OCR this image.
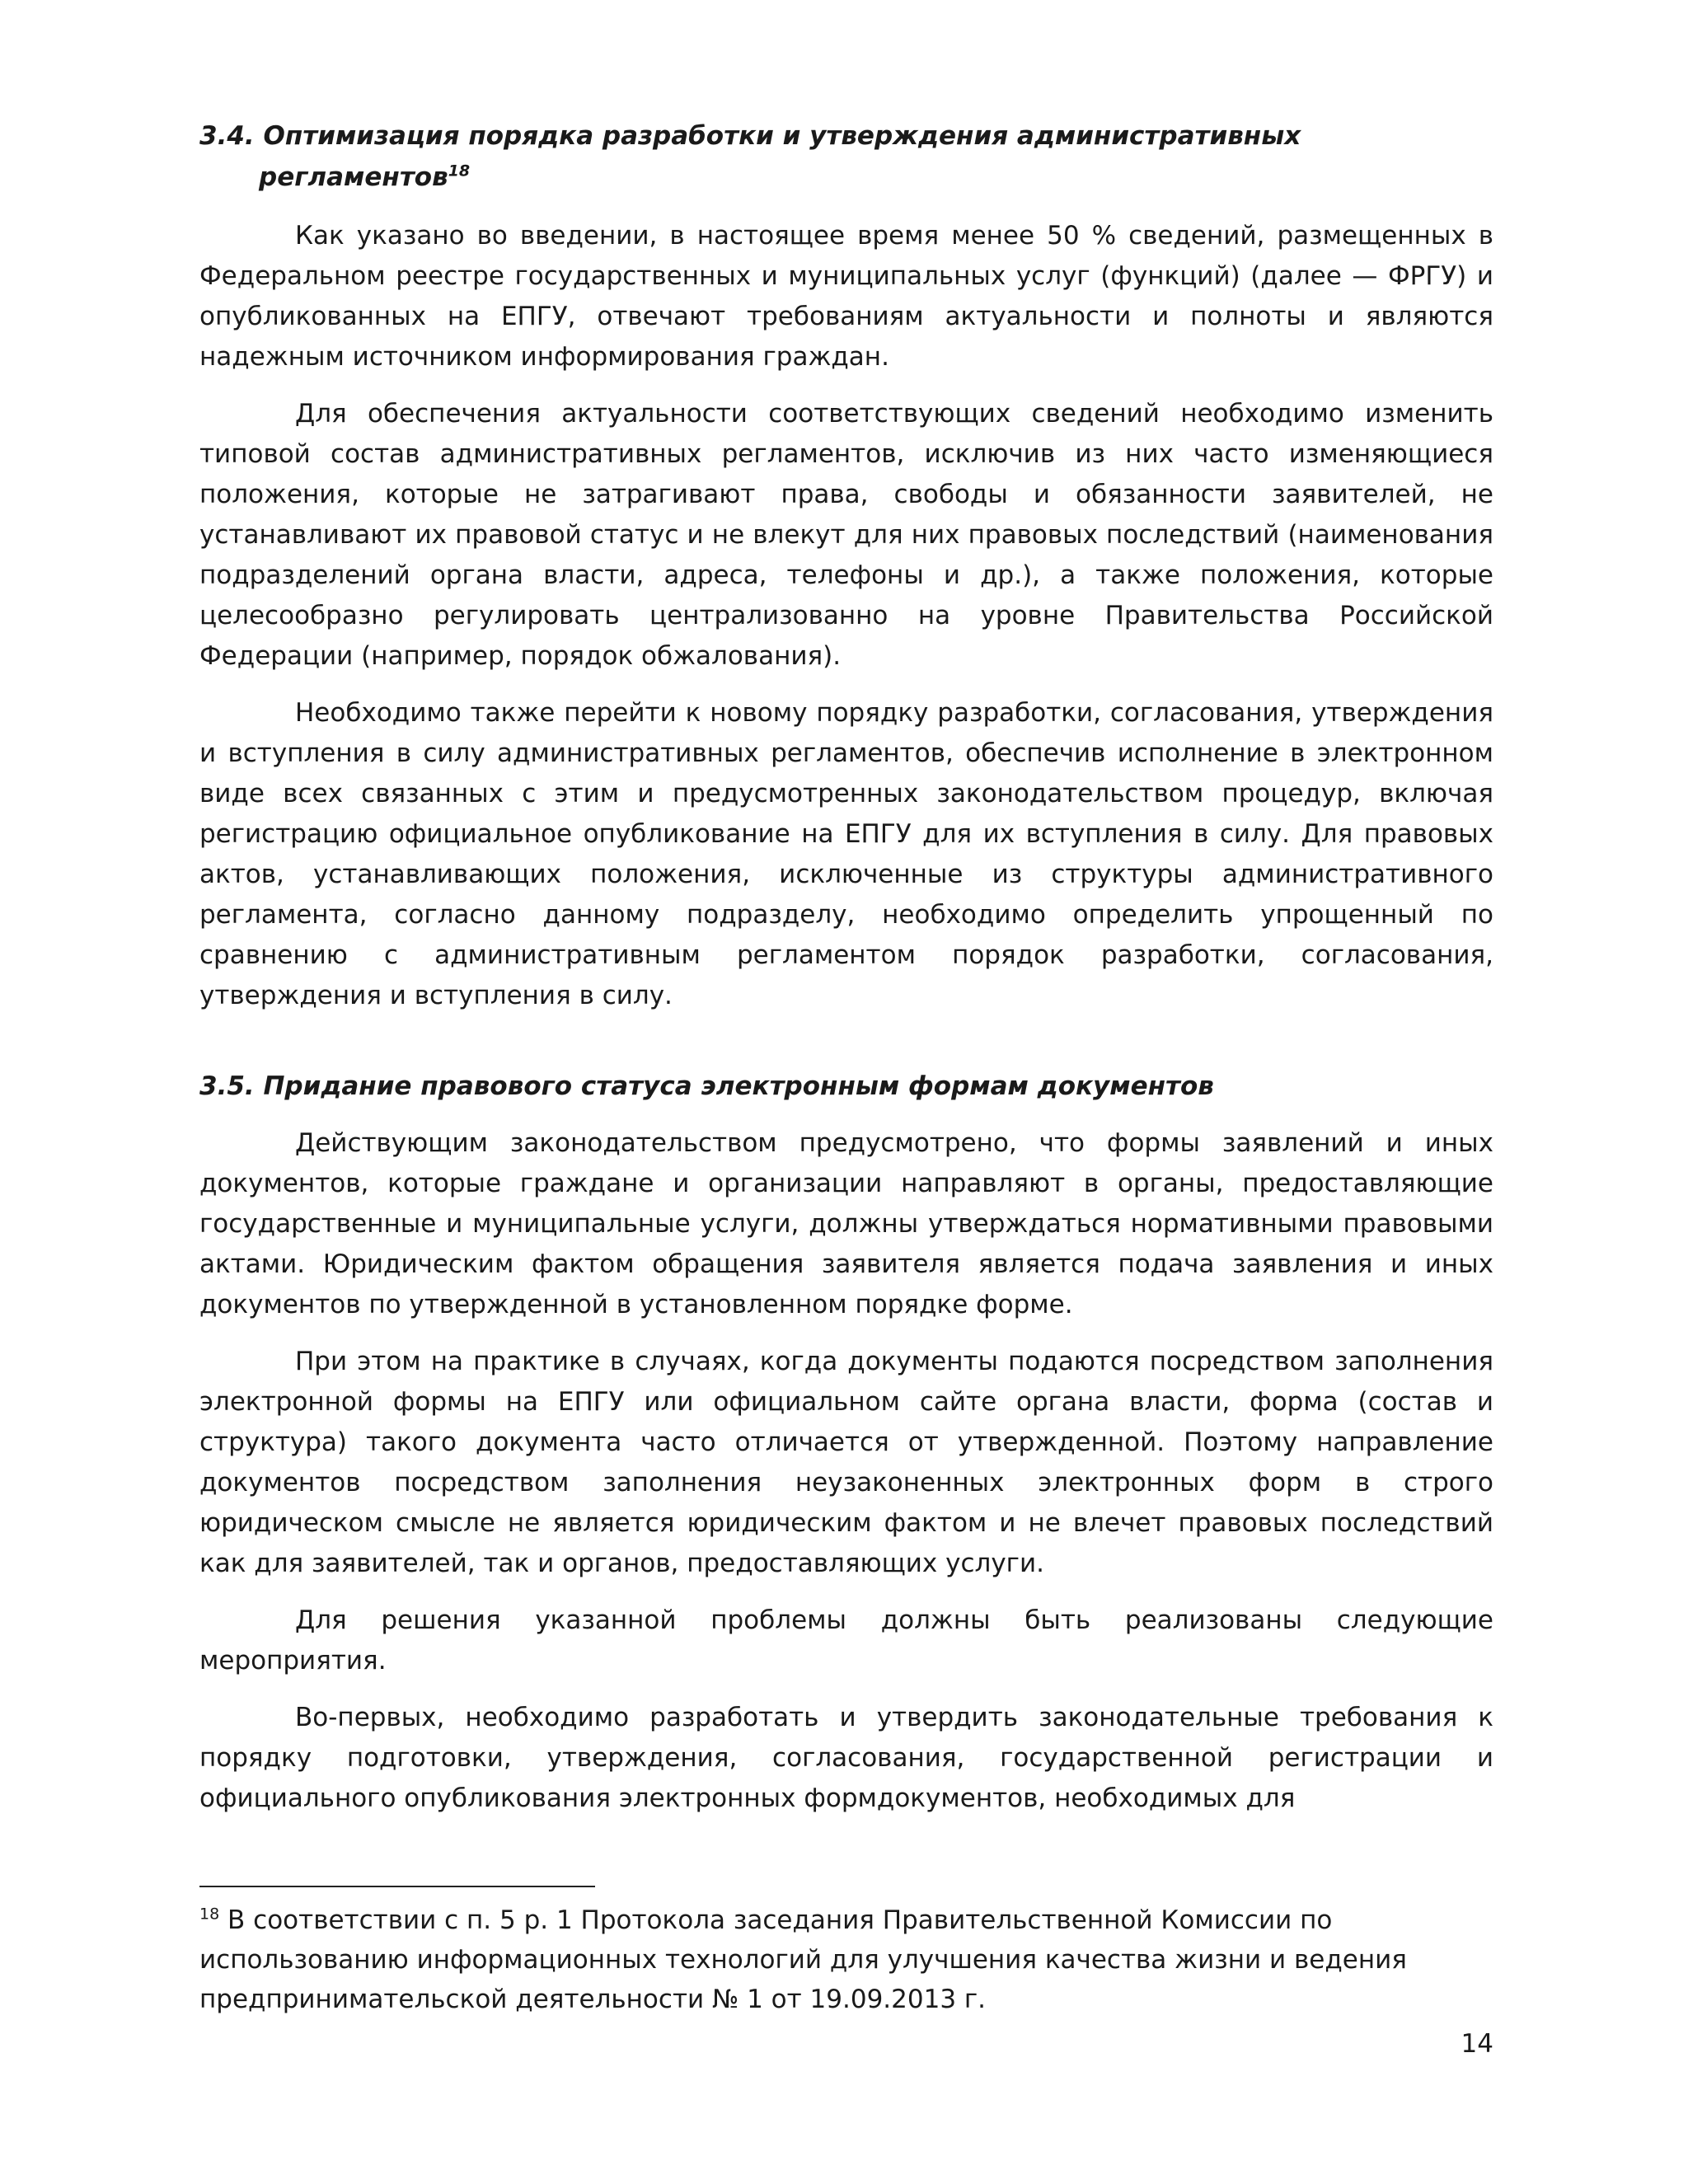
3.4. Оптимизация порядка разработки и утверждения административных
регламентов$^{18}$

Как указано во введении, в настоящее время менее 50 % сведений, размещенных в Федеральном реестре государственных и муниципальных услуг (функций) (далее — ФРГУ) и опубликованных на ЕПГУ, отвечают требованиям актуальности и полноты и являются надежным источником информирования граждан.

Для обеспечения актуальности соответствующих сведений необходимо изменить типовой состав административных регламентов, исключив из них часто изменяющиеся положения, которые не затрагивают права, свободы и обязанности заявителей, не устанавливают их правовой статус и не влекут для них правовых последствий (наименования подразделений органа власти, адреса, телефоны и др.), а также положения, которые целесообразно регулировать централизованно на уровне Правительства Российской Федерации (например, порядок обжалования).

Необходимо также перейти к новому порядку разработки, согласования, утверждения и вступления в силу административных регламентов, обеспечив исполнение в электронном виде всех связанных с этим и предусмотренных законодательством процедур, включая регистрацию официальное опубликование на ЕПГУ для их вступления в силу. Для правовых актов, устанавливающих положения, исключенные из структуры административного регламента, согласно данному подразделу, необходимо определить упрощенный по сравнению с административным регламентом порядок разработки, согласования, утверждения и вступления в силу.

3.5. Придание правового статуса электронным формам документов

Действующим законодательством предусмотрено, что формы заявлений и иных документов, которые граждане и организации направляют в органы, предоставляющие государственные и муниципальные услуги, должны утверждаться нормативными правовыми актами. Юридическим фактом обращения заявителя является подача заявления и иных документов по утвержденной в установленном порядке форме.

При этом на практике в случаях, когда документы подаются посредством заполнения электронной формы на ЕПГУ или официальном сайте органа власти, форма (состав и структура) такого документа часто отличается от утвержденной. Поэтому направление документов посредством заполнения неузаконенных электронных форм в строго юридическом смысле не является юридическим фактом и не влечет правовых последствий как для заявителей, так и органов, предоставляющих услуги.

Для решения указанной проблемы должны быть реализованы следующие мероприятия.

Во-первых, необходимо разработать и утвердить законодательные требования к порядку подготовки, утверждения, согласования, государственной регистрации и официального опубликования электронных формдокументов, необходимых для

$^{18}$ В соответствии с п. 5 р. 1 Протокола заседания Правительственной Комиссии по использованию информационных технологий для улучшения качества жизни и ведения предпринимательской деятельности № 1 от 19.09.2013 г.

14
